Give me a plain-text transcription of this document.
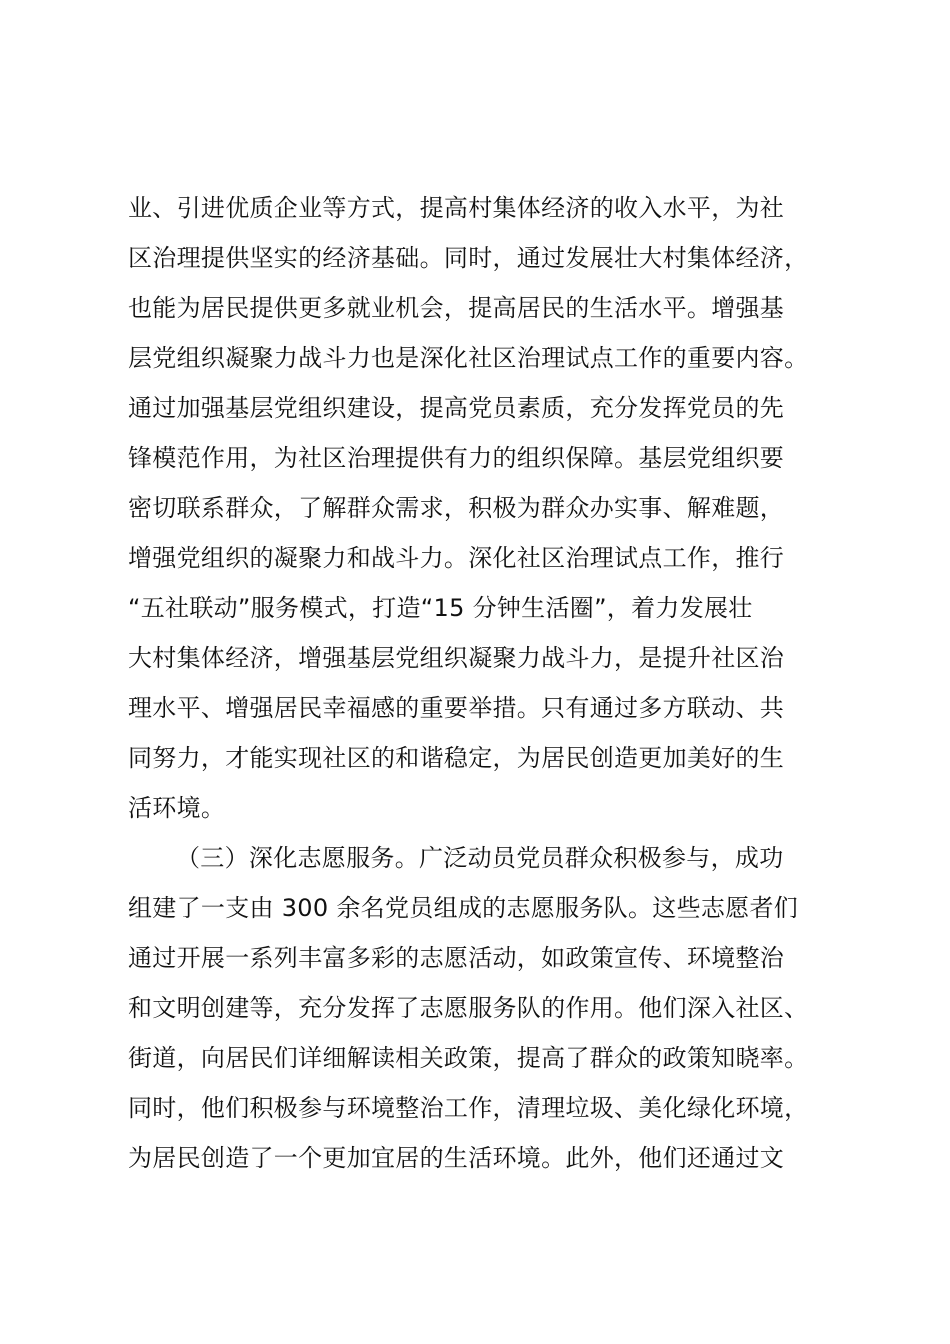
业、引进优质企业等方式，提高村集体经济的收入水平，为社
区治理提供坚实的经济基础。同时，通过发展壮大村集体经济，
也能为居民提供更多就业机会，提高居民的生活水平。增强基
层党组织凝聚力战斗力也是深化社区治理试点工作的重要内容。
通过加强基层党组织建设，提高党员素质，充分发挥党员的先
锋模范作用，为社区治理提供有力的组织保障。基层党组织要
密切联系群众，了解群众需求，积极为群众办实事、解难题，
增强党组织的凝聚力和战斗力。深化社区治理试点工作，推行
“五社联动”服务模式，打造“15 分钟生活圈”，着力发展壮
大村集体经济，增强基层党组织凝聚力战斗力，是提升社区治
理水平、增强居民幸福感的重要举措。只有通过多方联动、共
同努力，才能实现社区的和谐稳定，为居民创造更加美好的生
活环境。
（三）深化志愿服务。广泛动员党员群众积极参与，成功
组建了一支由 300 余名党员组成的志愿服务队。这些志愿者们
通过开展一系列丰富多彩的志愿活动，如政策宣传、环境整治
和文明创建等，充分发挥了志愿服务队的作用。他们深入社区、
街道，向居民们详细解读相关政策，提高了群众的政策知晓率。
同时，他们积极参与环境整治工作，清理垃圾、美化绿化环境，
为居民创造了一个更加宜居的生活环境。此外，他们还通过文
